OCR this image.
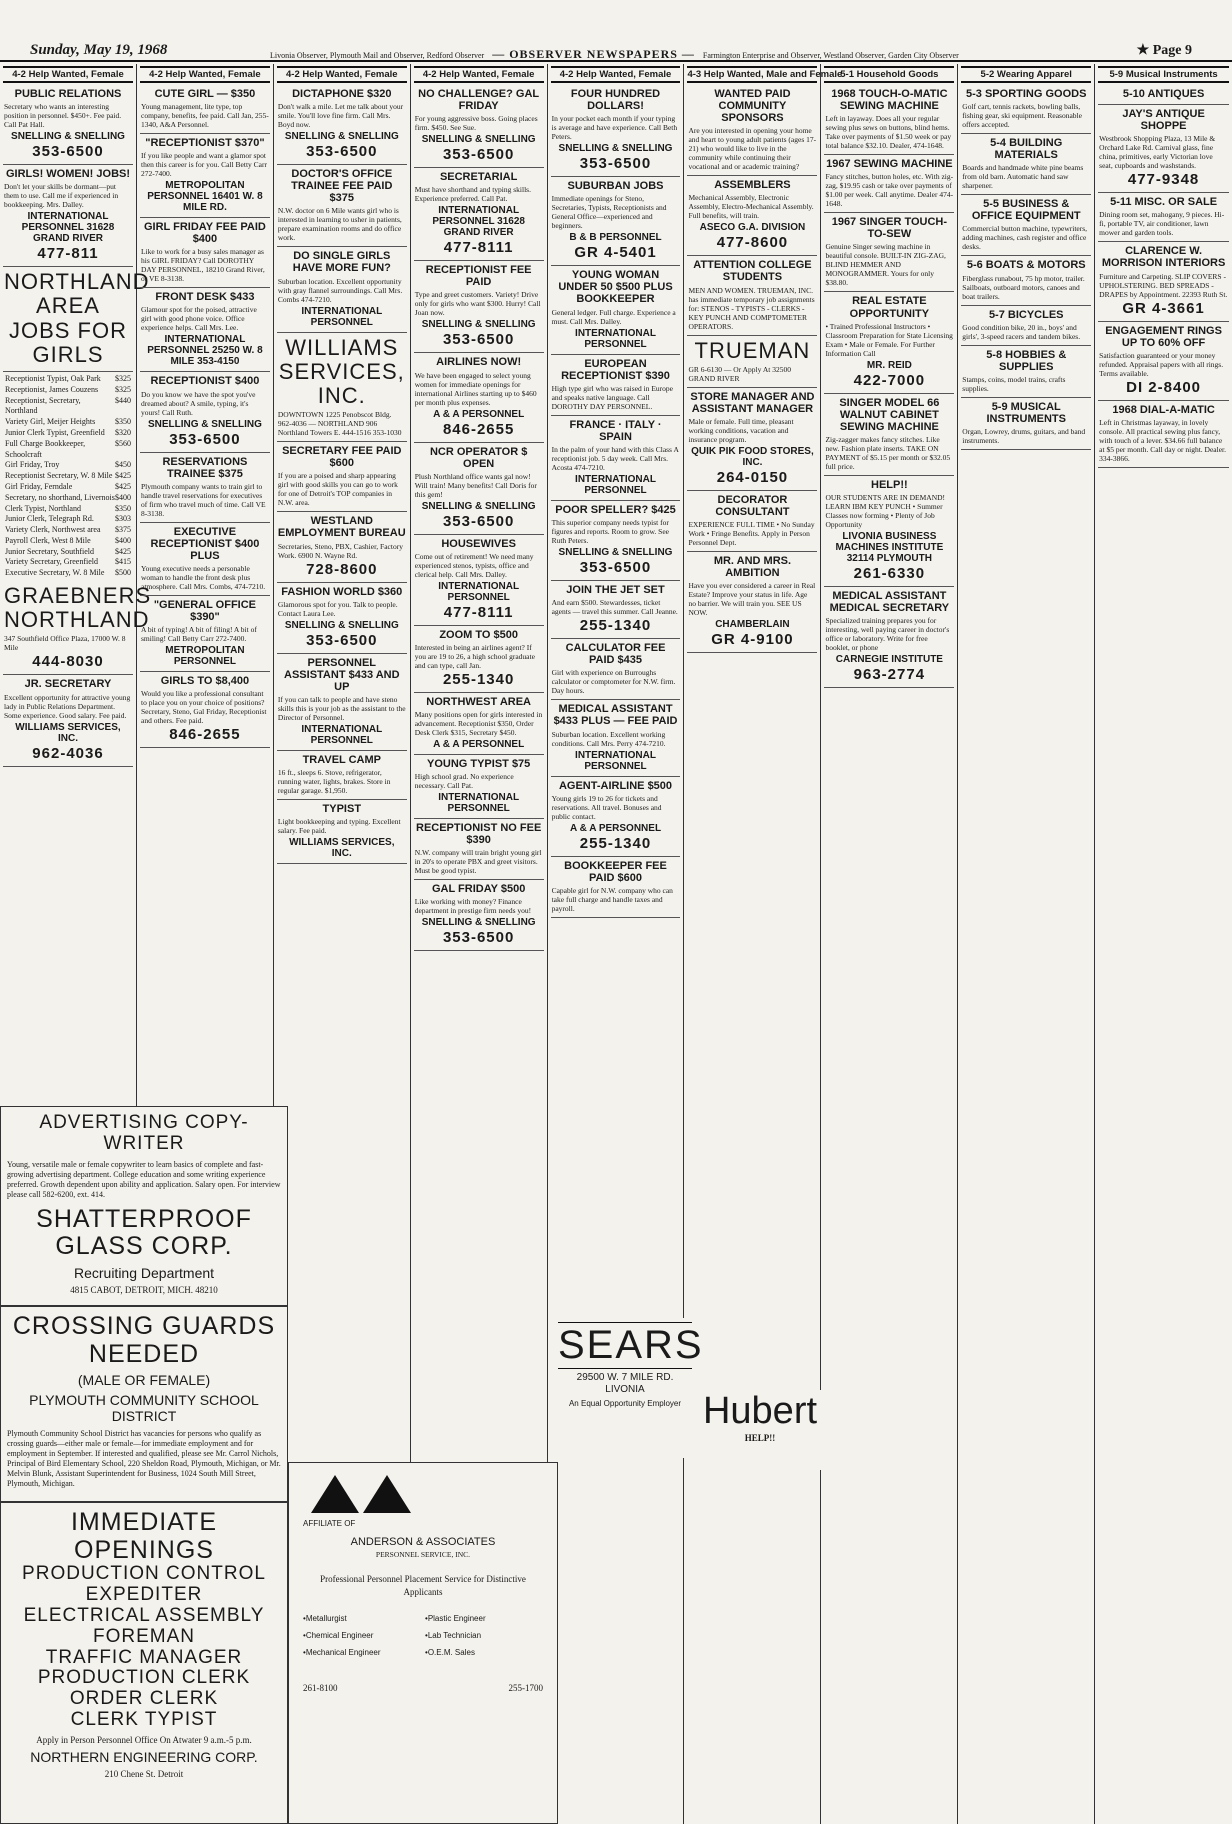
Sunday, May 19, 1968	Livonia Observer, Plymouth Mail and Observer, Redford Observer — OBSERVER NEWSPAPERS — Farmington Enterprise and Observer, Westland Observer, Garden City Observer	★ Page 9
4-2 Help Wanted, Female
PUBLIC RELATIONS
Secretary who wants an interesting position in personnel. $450+. Fee paid. Call Pat Hall.
SNELLING & SNELLING
353-6500
GIRLS! WOMEN! JOBS!
Don't let your skills be dormant—put them to use. Call me if experienced in bookkeeping. Mrs. Dalley.
INTERNATIONAL PERSONNEL 31628 GRAND RIVER
477-811
NORTHLAND AREA JOBS FOR GIRLS
Receptionist Typist, Oak Park $325
Receptionist, James Couzens $325
Receptionist, Secretary, Northland
$440
Variety Girl, Meijer Heights $350
Junior Clerk Typist, Greenfield $320
Full Charge Bookkeeper, Schoolcraft
$560
Girl Friday, Troy	$450
Receptionist Secretary, W. 8 Mile $425
Girl Friday, Ferndale	$425
Secretary, no shorthand, Livernois $400
Clerk Typist, Northland	$350
Junior Clerk, Telegraph Rd.	$303
Variety Clerk, Northwest area $375
Payroll Clerk, West 8 Mile	$400
Junior Secretary, Southfield	$425
Variety Secretary, Greenfield $415
Executive Secretary, W. 8 Mile $500
GRAEBNERS NORTHLAND
347 Southfield Office Plaza, 17000 W. 8 Mile
444-8030
JR. SECRETARY
Excellent opportunity for attractive young lady in Public Relations Department. Some experience. Good salary. Fee paid.
WILLIAMS SERVICES, INC.
962-4036
4-2 Help Wanted, Female
CUTE GIRL — $350
Young management, lite type, top company, benefits, fee paid. Call Jan, 255-1340, A&A Personnel.
"RECEPTIONIST $370"
If you like people and want a glamor spot then this career is for you. Call Betty Carr 272-7400.
METROPOLITAN PERSONNEL 16401 W. 8 MILE RD.
GIRL FRIDAY FEE PAID $400
Like to work for a busy sales manager as his GIRL FRIDAY? Call DOROTHY DAY PERSONNEL, 18210 Grand River, or VE 8-3138.
FRONT DESK $433
Glamour spot for the poised, attractive girl with good phone voice. Office experience helps. Call Mrs. Lee.
INTERNATIONAL PERSONNEL 25250 W. 8 MILE 353-4150
RECEPTIONIST $400
Do you know we have the spot you've dreamed about? A smile, typing, it's yours! Call Ruth.
SNELLING & SNELLING
353-6500
RESERVATIONS TRAINEE $375
Plymouth company wants to train girl to handle travel reservations for executives of firm who travel much of time. Call VE 8-3138.
EXECUTIVE RECEPTIONIST $400 PLUS
Young executive needs a personable woman to handle the front desk plus atmosphere. Call Mrs. Combs, 474-7210.
"GENERAL OFFICE $390"
A bit of typing! A bit of filing! A bit of smiling! Call Betty Carr 272-7400.
METROPOLITAN PERSONNEL
GIRLS TO $8,400
Would you like a professional consultant to place you on your choice of positions? Secretary, Steno, Gal Friday, Receptionist and others. Fee paid.
846-2655
4-2 Help Wanted, Female
DICTAPHONE $320
Don't walk a mile. Let me talk about your smile. You'll love fine firm. Call Mrs. Boyd now.
SNELLING & SNELLING
353-6500
DOCTOR'S OFFICE TRAINEE FEE PAID $375
N.W. doctor on 6 Mile wants girl who is interested in learning to usher in patients, prepare examination rooms and do office work.
DO SINGLE GIRLS HAVE MORE FUN?
Suburban location. Excellent opportunity with gray flannel surroundings. Call Mrs. Combs 474-7210.
INTERNATIONAL PERSONNEL
WILLIAMS SERVICES, INC.
DOWNTOWN 1225 Penobscot Bldg. 962-4036 — NORTHLAND 906 Northland Towers E. 444-1516 353-1030
SECRETARY FEE PAID $600
If you are a poised and sharp appearing girl with good skills you can go to work for one of Detroit's TOP companies in N.W. area.
WESTLAND EMPLOYMENT BUREAU
Secretaries, Steno, PBX, Cashier, Factory Work. 6900 N. Wayne Rd.
728-8600
FASHION WORLD $360
Glamorous spot for you. Talk to people. Contact Laura Lee.
SNELLING & SNELLING
353-6500
PERSONNEL ASSISTANT $433 AND UP
If you can talk to people and have steno skills this is your job as the assistant to the Director of Personnel.
INTERNATIONAL PERSONNEL
TRAVEL CAMP
16 ft., sleeps 6. Stove, refrigerator, running water, lights, brakes. Store in regular garage. $1,950.
TYPIST
Light bookkeeping and typing. Excellent salary. Fee paid.
WILLIAMS SERVICES, INC.
4-2 Help Wanted, Female
NO CHALLENGE? GAL FRIDAY
For young aggressive boss. Going places firm. $450. See Sue.
SNELLING & SNELLING
353-6500
SECRETARIAL
Must have shorthand and typing skills. Experience preferred. Call Pat.
INTERNATIONAL PERSONNEL 31628 GRAND RIVER
477-8111
RECEPTIONIST FEE PAID
Type and greet customers. Variety! Drive only for girls who want $300. Hurry! Call Joan now.
SNELLING & SNELLING
353-6500
AIRLINES NOW!
We have been engaged to select young women for immediate openings for international Airlines starting up to $460 per month plus expenses.
A & A PERSONNEL
846-2655
NCR OPERATOR $ OPEN
Plush Northland office wants gal now! Will train! Many benefits! Call Doris for this gem!
SNELLING & SNELLING
353-6500
HOUSEWIVES
Come out of retirement! We need many experienced stenos, typists, office and clerical help. Call Mrs. Dalley.
INTERNATIONAL PERSONNEL
477-8111
ZOOM TO $500
Interested in being an airlines agent? If you are 19 to 26, a high school graduate and can type, call Jan.
255-1340
NORTHWEST AREA
Many positions open for girls interested in advancement. Receptionist $350, Order Desk Clerk $315, Secretary $450.
A & A PERSONNEL
YOUNG TYPIST $75
High school grad. No experience necessary. Call Pat.
INTERNATIONAL PERSONNEL
RECEPTIONIST NO FEE $390
N.W. company will train bright young girl in 20's to operate PBX and greet visitors. Must be good typist.
GAL FRIDAY $500
Like working with money? Finance department in prestige firm needs you!
SNELLING & SNELLING
353-6500
4-2 Help Wanted, Female
FOUR HUNDRED DOLLARS!
In your pocket each month if your typing is average and have experience. Call Beth Peters.
SNELLING & SNELLING
353-6500
SUBURBAN JOBS
Immediate openings for Steno, Secretaries, Typists, Receptionists and General Office—experienced and beginners.
B & B PERSONNEL
GR 4-5401
YOUNG WOMAN UNDER 50 $500 PLUS BOOKKEEPER
General ledger. Full charge. Experience a must. Call Mrs. Dalley.
INTERNATIONAL PERSONNEL
EUROPEAN RECEPTIONIST $390
High type girl who was raised in Europe and speaks native language. Call DOROTHY DAY PERSONNEL.
FRANCE · ITALY · SPAIN
In the palm of your hand with this Class A receptionist job. 5 day week. Call Mrs. Acosta 474-7210.
INTERNATIONAL PERSONNEL
POOR SPELLER? $425
This superior company needs typist for figures and reports. Room to grow. See Ruth Peters.
SNELLING & SNELLING
353-6500
JOIN THE JET SET
And earn $500. Stewardesses, ticket agents — travel this summer. Call Jeanne.
255-1340
CALCULATOR FEE PAID $435
Girl with experience on Burroughs calculator or comptometer for N.W. firm. Day hours.
MEDICAL ASSISTANT $433 PLUS — FEE PAID
Suburban location. Excellent working conditions. Call Mrs. Perry 474-7210.
INTERNATIONAL PERSONNEL
AGENT-AIRLINE $500
Young girls 19 to 26 for tickets and reservations. All travel. Bonuses and public contact.
A & A PERSONNEL
255-1340
BOOKKEEPER FEE PAID $600
Capable girl for N.W. company who can take full charge and handle taxes and payroll.
4-3 Help Wanted, Male and Female
WANTED PAID COMMUNITY SPONSORS
Are you interested in opening your home and heart to young adult patients (ages 17-21) who would like to live in the community while continuing their vocational and or academic training?
ASSEMBLERS
Mechanical Assembly, Electronic Assembly, Electro-Mechanical Assembly. Full benefits, will train.
ASECO G.A. DIVISION
477-8600
ATTENTION COLLEGE STUDENTS
MEN AND WOMEN. TRUEMAN, INC. has immediate temporary job assignments for: STENOS - TYPISTS - CLERKS - KEY PUNCH AND COMPTOMETER OPERATORS.
TRUEMAN
GR 6-6130 — Or Apply At 32500 GRAND RIVER
STORE MANAGER AND ASSISTANT MANAGER
Male or female. Full time, pleasant working conditions, vacation and insurance program.
QUIK PIK FOOD STORES, INC.
264-0150
DECORATOR CONSULTANT
EXPERIENCE FULL TIME • No Sunday Work • Fringe Benefits. Apply in Person Personnel Dept.
MR. AND MRS. AMBITION
Have you ever considered a career in Real Estate? Improve your status in life. Age no barrier. We will train you. SEE US NOW.
CHAMBERLAIN
GR 4-9100
5-1 Household Goods
1968 TOUCH-O-MATIC SEWING MACHINE
Left in layaway. Does all your regular sewing plus sews on buttons, blind hems. Take over payments of $1.50 week or pay total balance $32.10. Dealer, 474-1648.
1967 SEWING MACHINE
Fancy stitches, button holes, etc. With zig-zag, $19.95 cash or take over payments of $1.00 per week. Call anytime. Dealer 474-1648.
1967 SINGER TOUCH-TO-SEW
Genuine Singer sewing machine in beautiful console. BUILT-IN ZIG-ZAG, BLIND HEMMER AND MONOGRAMMER. Yours for only $38.80.
REAL ESTATE OPPORTUNITY
• Trained Professional Instructors • Classroom Preparation for State Licensing Exam • Male or Female. For Further Information Call
MR. REID
422-7000
SINGER MODEL 66 WALNUT CABINET SEWING MACHINE
Zig-zagger makes fancy stitches. Like new. Fashion plate inserts. TAKE ON PAYMENT of $5.15 per month or $32.05 full price.
HELP!!
OUR STUDENTS ARE IN DEMAND! LEARN IBM KEY PUNCH • Summer Classes now forming • Plenty of Job Opportunity
LIVONIA BUSINESS MACHINES INSTITUTE 32114 PLYMOUTH
261-6330
MEDICAL ASSISTANT MEDICAL SECRETARY
Specialized training prepares you for interesting, well paying career in doctor's office or laboratory. Write for free booklet, or phone
CARNEGIE INSTITUTE
963-2774
5-2 Wearing Apparel
5-3 SPORTING GOODS
Golf cart, tennis rackets, bowling balls, fishing gear, ski equipment. Reasonable offers accepted.
5-4 BUILDING MATERIALS
Boards and handmade white pine beams from old barn. Automatic hand saw sharpener.
5-5 BUSINESS & OFFICE EQUIPMENT
Commercial button machine, typewriters, adding machines, cash register and office desks.
5-6 BOATS & MOTORS
Fiberglass runabout, 75 hp motor, trailer. Sailboats, outboard motors, canoes and boat trailers.
5-7 BICYCLES
Good condition bike, 20 in., boys' and girls', 3-speed racers and tandem bikes.
5-8 HOBBIES & SUPPLIES
Stamps, coins, model trains, crafts supplies.
5-9 MUSICAL INSTRUMENTS
Organ, Lowrey, drums, guitars, and band instruments.
5-9 Musical Instruments
5-10 ANTIQUES
JAY'S ANTIQUE SHOPPE
Westbrook Shopping Plaza, 13 Mile & Orchard Lake Rd. Carnival glass, fine china, primitives, early Victorian love seat, cupboards and washstands.
477-9348
5-11 MISC. OR SALE
Dining room set, mahogany, 9 pieces. Hi-fi, portable TV, air conditioner, lawn mower and garden tools.
CLARENCE W. MORRISON INTERIORS
Furniture and Carpeting. SLIP COVERS - UPHOLSTERING. BED SPREADS - DRAPES by Appointment. 22393 Ruth St.
GR 4-3661
ENGAGEMENT RINGS UP TO 60% OFF
Satisfaction guaranteed or your money refunded. Appraisal papers with all rings. Terms available.
DI 2-8400
1968 DIAL-A-MATIC
Left in Christmas layaway, in lovely console. All practical sewing plus fancy, with touch of a lever. $34.66 full balance at $5 per month. Call day or night. Dealer. 334-3866.
ADVERTISING COPY-WRITER
Young, versatile male or female copywriter to learn basics of complete and fast-growing advertising department. College education and some writing experience preferred. Growth dependent upon ability and application. Salary open. For interview please call 582-6200, ext. 414.
SHATTERPROOF GLASS CORP.
Recruiting Department
4815 CABOT, DETROIT, MICH. 48210
CROSSING GUARDS NEEDED
(MALE OR FEMALE)
PLYMOUTH COMMUNITY SCHOOL DISTRICT
Plymouth Community School District has vacancies for persons who qualify as crossing guards—either male or female—for immediate employment and for employment in September. If interested and qualified, please see Mr. Carrol Nichols, Principal of Bird Elementary School, 220 Sheldon Road, Plymouth, Michigan, or Mr. Melvin Blunk, Assistant Superintendent for Business, 1024 South Mill Street, Plymouth, Michigan.
IMMEDIATE OPENINGS
PRODUCTION CONTROL EXPEDITER
ELECTRICAL ASSEMBLY FOREMAN
TRAFFIC MANAGER
PRODUCTION CLERK
ORDER CLERK
CLERK TYPIST
Apply in Person Personnel Office On Atwater 9 a.m.-5 p.m.
NORTHERN ENGINEERING CORP.
210 Chene St. Detroit
AFFILIATE OF
ANDERSON & ASSOCIATES
PERSONNEL SERVICE, INC.
Professional Personnel Placement Service for Distinctive Applicants
• Metallurgist	• Plastic Engineer
• Chemical Engineer	• Lab Technician
• Mechanical Engineer	• O.E.M. Sales
261-8100	255-1700
SEARS
29500 W. 7 MILE RD. LIVONIA
An Equal Opportunity Employer Hubert
HELP!!
